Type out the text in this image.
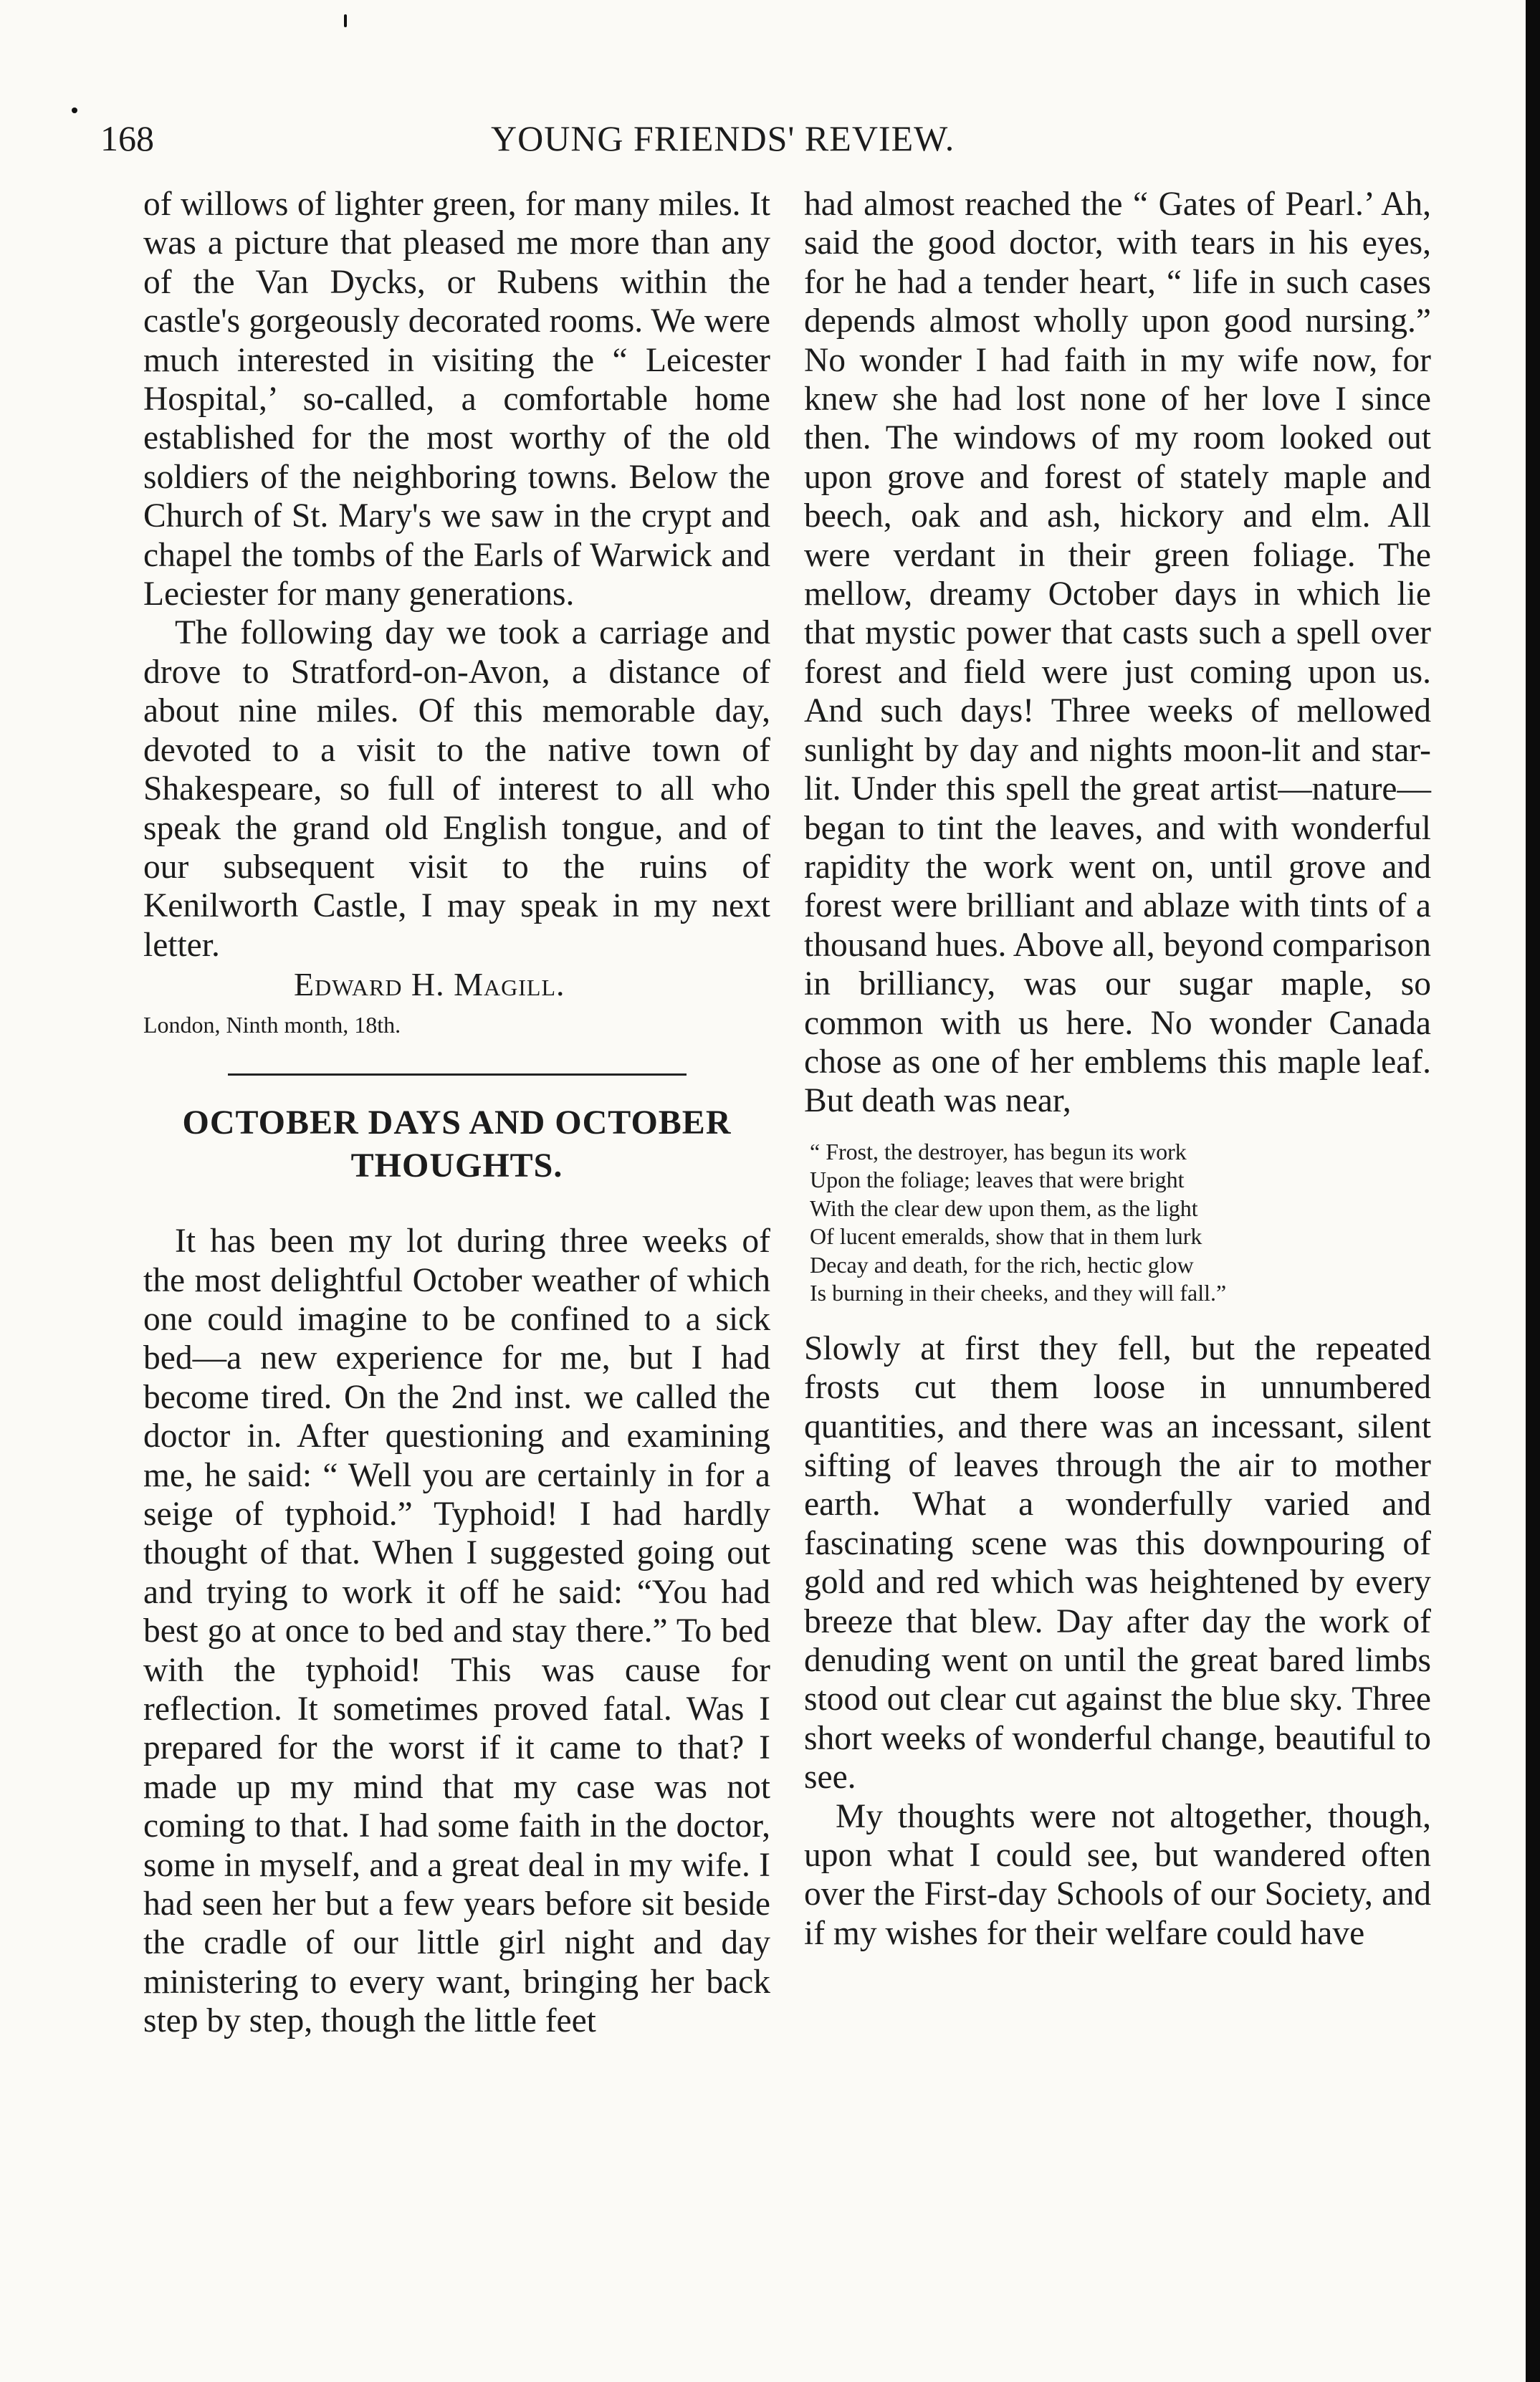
168	YOUNG FRIENDS' REVIEW.

of willows of lighter green, for many miles. It was a picture that pleased me more than any of the Van Dycks, or Rubens within the castle's gorgeously decorated rooms. We were much interested in visiting the “ Leicester Hospital,’ so-called, a comfortable home established for the most worthy of the old soldiers of the neighboring towns. Below the Church of St. Mary's we saw in the crypt and chapel the tombs of the Earls of Warwick and Leciester for many generations.

The following day we took a carriage and drove to Stratford-on-Avon, a distance of about nine miles. Of this memorable day, devoted to a visit to the native town of Shakespeare, so full of interest to all who speak the grand old English tongue, and of our subsequent visit to the ruins of Kenilworth Castle, I may speak in my next letter.

Edward H. Magill.

London, Ninth month, 18th.

OCTOBER DAYS AND OCTOBER
THOUGHTS.

It has been my lot during three weeks of the most delightful October weather of which one could imagine to be confined to a sick bed—a new experience for me, but I had become tired. On the 2nd inst. we called the doctor in. After questioning and examining me, he said: “ Well you are certainly in for a seige of typhoid.” Typhoid! I had hardly thought of that. When I suggested going out and trying to work it off he said: “You had best go at once to bed and stay there.” To bed with the typhoid! This was cause for reflection. It sometimes proved fatal. Was I prepared for the worst if it came to that? I made up my mind that my case was not coming to that. I had some faith in the doctor, some in myself, and a great deal in my wife. I had seen her but a few years before sit beside the cradle of our little girl night and day ministering to every want, bringing her back step by step, though the little feet

had almost reached the “ Gates of Pearl.’ Ah, said the good doctor, with tears in his eyes, for he had a tender heart, “ life in such cases depends almost wholly upon good nursing.” No wonder I had faith in my wife now, for knew she had lost none of her love I since then. The windows of my room looked out upon grove and forest of stately maple and beech, oak and ash, hickory and elm. All were verdant in their green foliage. The mellow, dreamy October days in which lie that mystic power that casts such a spell over forest and field were just coming upon us. And such days! Three weeks of mellowed sunlight by day and nights moon-lit and star-lit. Under this spell the great artist—nature—began to tint the leaves, and with wonderful rapidity the work went on, until grove and forest were brilliant and ablaze with tints of a thousand hues. Above all, beyond comparison in brilliancy, was our sugar maple, so common with us here. No wonder Canada chose as one of her emblems this maple leaf. But death was near,

“ Frost, the destroyer, has begun its work
Upon the foliage; leaves that were bright
With the clear dew upon them, as the light
Of lucent emeralds, show that in them lurk
Decay and death, for the rich, hectic glow
Is burning in their cheeks, and they will fall.”

Slowly at first they fell, but the repeated frosts cut them loose in unnumbered quantities, and there was an incessant, silent sifting of leaves through the air to mother earth. What a wonderfully varied and fascinating scene was this downpouring of gold and red which was heightened by every breeze that blew. Day after day the work of denuding went on until the great bared limbs stood out clear cut against the blue sky. Three short weeks of wonderful change, beautiful to see.

My thoughts were not altogether, though, upon what I could see, but wandered often over the First-day Schools of our Society, and if my wishes for their welfare could have
